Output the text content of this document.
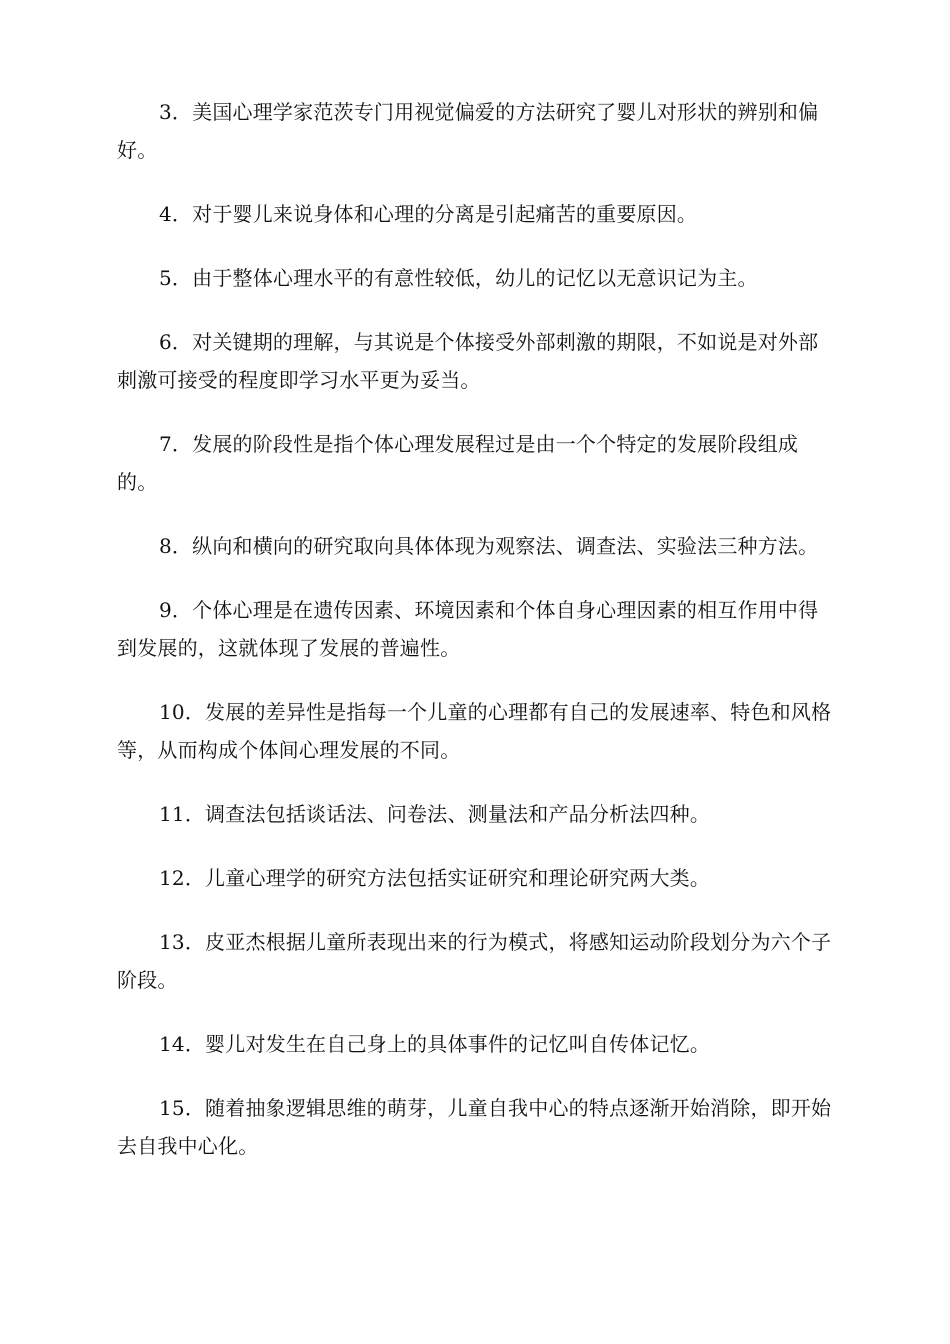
3．美国心理学家范茨专门用视觉偏爱的方法研究了婴儿对形状的辨别和偏好。

4．对于婴儿来说身体和心理的分离是引起痛苦的重要原因。

5．由于整体心理水平的有意性较低，幼儿的记忆以无意识记为主。

6．对关键期的理解，与其说是个体接受外部刺激的期限，不如说是对外部刺激可接受的程度即学习水平更为妥当。

7．发展的阶段性是指个体心理发展程过是由一个个特定的发展阶段组成的。

8．纵向和横向的研究取向具体体现为观察法、调查法、实验法三种方法。

9．个体心理是在遗传因素、环境因素和个体自身心理因素的相互作用中得到发展的，这就体现了发展的普遍性。

10．发展的差异性是指每一个儿童的心理都有自己的发展速率、特色和风格等，从而构成个体间心理发展的不同。

11．调查法包括谈话法、问卷法、测量法和产品分析法四种。

12．儿童心理学的研究方法包括实证研究和理论研究两大类。

13．皮亚杰根据儿童所表现出来的行为模式，将感知运动阶段划分为六个子阶段。

14．婴儿对发生在自己身上的具体事件的记忆叫自传体记忆。

15．随着抽象逻辑思维的萌芽，儿童自我中心的特点逐渐开始消除，即开始去自我中心化。
